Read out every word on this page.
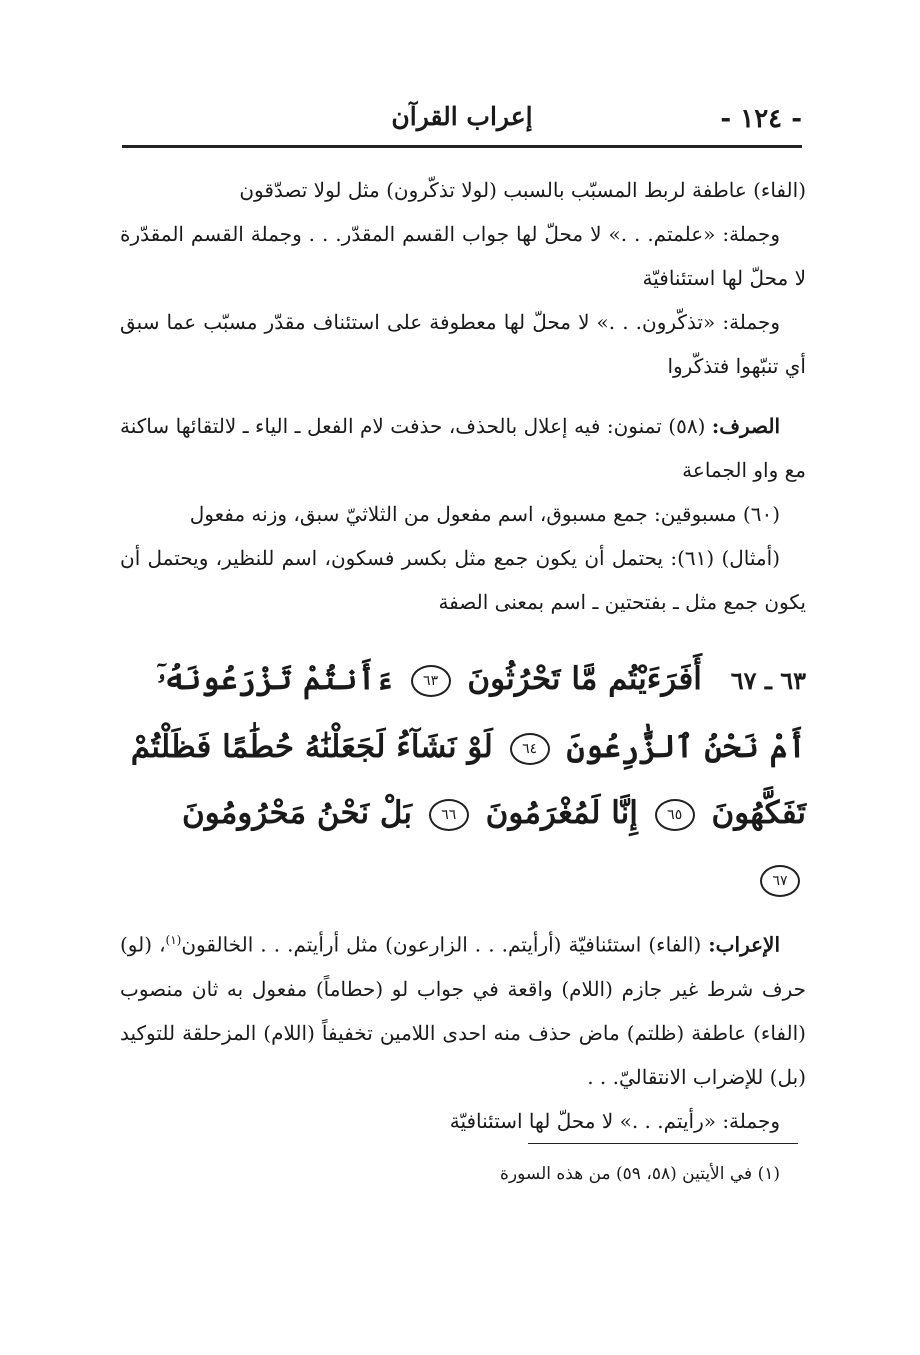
- ١٢٤ -
إعراب القرآن

(الفاء) عاطفة لربط المسبّب بالسبب (لولا تذكّرون) مثل لولا تصدّقون

وجملة: «علمتم. . .» لا محلّ لها جواب القسم المقدّر. . . وجملة القسم المقدّرة لا محلّ لها استئنافيّة

وجملة: «تذكّرون. . .» لا محلّ لها معطوفة على استئناف مقدّر مسبّب عما سبق أي تنبّهوا فتذكّروا

الصرف: (٥٨) تمنون: فيه إعلال بالحذف، حذفت لام الفعل ـ الياء ـ لالتقائها ساكنة مع واو الجماعة

(٦٠) مسبوقين: جمع مسبوق، اسم مفعول من الثلاثيّ سبق، وزنه مفعول

(أمثال) (٦١): يحتمل أن يكون جمع مثل بكسر فسكون، اسم للنظير، ويحتمل أن يكون جمع مثل ـ بفتحتين ـ اسم بمعنى الصفة

٦٣ ـ ٦٧ أَفَرَءَيْتُم مَّا تَحْرُثُونَ ٦٣ ءَأَنتُمْ تَزْرَعُونَهُۥٓ أَمْ نَحْنُ ٱلزَّٰرِعُونَ ٦٤ لَوْ نَشَآءُ لَجَعَلْنَٰهُ حُطَٰمًا فَظَلْتُمْ تَفَكَّهُونَ ٦٥ إِنَّا لَمُغْرَمُونَ ٦٦ بَلْ نَحْنُ مَحْرُومُونَ ٦٧

الإعراب: (الفاء) استئنافيّة (أرأيتم. . . الزارعون) مثل أرأيتم. . . الخالقون$^{(١)}$، (لو) حرف شرط غير جازم (اللام) واقعة في جواب لو (حطاماً) مفعول به ثان منصوب (الفاء) عاطفة (ظلتم) ماض حذف منه احدى اللامين تخفيفاً (اللام) المزحلقة للتوكيد (بل) للإضراب الانتقاليّ. . .

وجملة: «رأيتم. . .» لا محلّ لها استئنافيّة

(١) في الأيتين (٥٨، ٥٩) من هذه السورة
